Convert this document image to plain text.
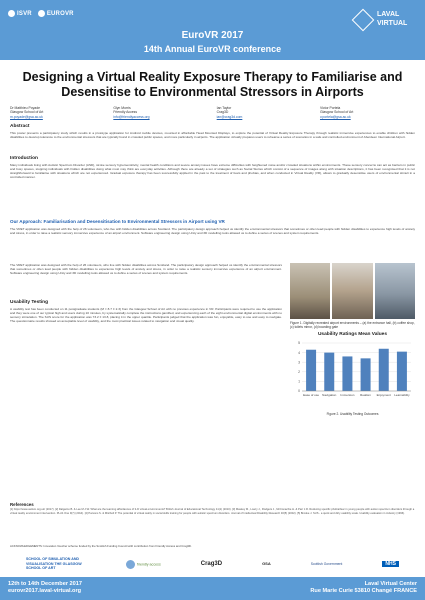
ISVR	EUROVR
EuroVR 2017
14th Annual EuroVR conference
LAVAL VIRTUAL
Designing a Virtual Reality Exposure Therapy to Familiarise and Desensitise to Environmental Stressors in Airports
Dr Matthieu Poyade
Glasgow School of Art
m.poyade@gsa.ac.uk
Glyn Morris
Friendly Access
info@friendlyaccess.org
Ian Taylor
Crag3D
ian@crag3d.com
Victor Portela
Glasgow School of Art
v.portela@gsa.ac.uk
Abstract
This poster presents a participatory study which results in a prototype application for Android mobile devices, mounted in affordable Head Mounted Displays, to explore the potential of Virtual Reality Exposure Therapy through realistic immersive experiences to enable children with hidden disabilities to develop tolerance to the environmental stressors that are typically found in crowded public spaces, and more particularly in airports. The application virtually prepares users to rehearse a series of scenarios in a safe and controlled environment of Aberdeen International Airport.
Introduction
Many individuals living with Autistic Spectrum Disorder (ASD), stroke sensory hypersensitivity, mental health conditions and severe anxiety issues have extreme difficulties with heightened noise and/or crowded situations within environments. These sensory concerns can act as barriers in public and busy spaces, stopping individuals with hidden disabilities doing what most may think are everyday activities. Although there are already a set of strategies such as Social Stories which consist of a sequence of images along with situation descriptions, it has been recognised that it is not straightforward to familiarise with situations which are not experienced. Gradual exposure therapy has been successfully applied in the past to the treatment of fears and phobias, and when conducted in Virtual Reality (VR), allows to gradually desensitise users of environmental stimuli in a controlled manner.
Our Approach: Familiarisation and Desensitisation to Environmental Stressors in Airport using VR
The VRET application was designed with the help of 26 volunteers, who live with hidden disabilities across Scotland. The participatory design approach helped us identify the environmental stressors that sometimes or often lead people with hidden disabilities to experience high levels of anxiety and stress, in order to raise a realistic sensory immersive experience of an airport environment. Software engineering design using Unity and 3D modelling tools allowed us to define a series of scenes and system requirements.
The VRET application was designed with the help of 26 volunteers, who live with hidden disabilities across Scotland. The participatory design approach helped us identify the environmental stressors that sometimes or often lead people with hidden disabilities to experience high levels of anxiety and stress, in order to raise a realistic sensory immersive experience of an airport environment. Software engineering design using Unity and 3D modelling tools allowed us to define a series of scenes and system requirements.
Usability Testing
A usability test has been conducted on 11 postgraduate students (M = 8.7 ± 2.3) from the Glasgow School of Art with no previous experience in VR. Participants were required to use the application and they were one of our typical high and users during 10 minutes, by systematically complete the instructions gamified, and experiencing each of the eight environmental digital environments with no sensory stimulation. The SUS score for the application was 73.2 ± 13.8, placing it in the upper quartile. Participants judged that the application was fun, enjoyable, easy to use and easy to navigate. The questionnaire results showed an acceptable level of usability, and the most practical issues related to navigation and visual quality.	Figure 1. Digitally recreated airport environments – (a) the entrance hall, (b) coffee shop, (c) toilets mirror, (d) boarding gate
Usability Ratings Mean Values
0
1
2
3
4
5
Ease of use Navigation Immersion Realism Enjoyment Learnability
Figure 2. Usability Testing Outcomes
References
[1] https://www.autism.org.uk/ (2017). [2] Dalgarno B. & Lee M.J.W. What are the learning affordances of 3-D virtual environments? British Journal of Educational Technology 41(1) (2010). [3] Maskey M., Lowry J., Rodgers J., McConachie H. & Parr J.R. Reducing specific phobia/fear in young people with autism spectrum disorders through a virtual reality environment intervention. PLoS One 9(7) (2014). [4] Parsons S. & Mitchell P. The potential of virtual reality in social skills training for people with autistic spectrum disorders. Journal of Intellectual Disability Research 46(5) (2002). [5] Brooke J. SUS - a quick and dirty usability scale. Usability evaluation in industry (1996).
ACKNOWLEDGEMENTS: Innovation Voucher scheme funded by the Scottish Funding Council with contribution from Friendly Access and Crag3D.
SCHOOL OF SIMULATION AND VISUALISATION THE GLASGOW SCHOOL OF ART
friendly access	Crag3D	GSA	Scottish Government	NHS
12th to 14th December 2017
eurovr2017.laval-virtual.org
Laval Virtual Center
Rue Marie Curie 53810 Changé FRANCE
